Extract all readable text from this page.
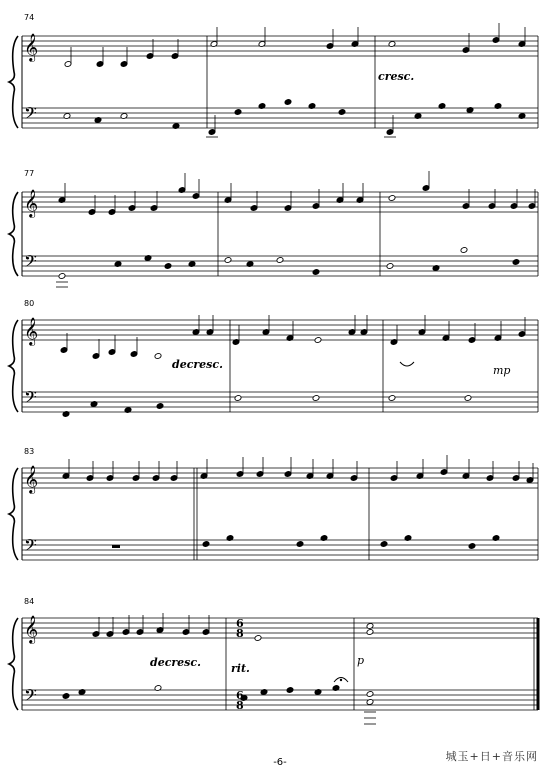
𝄞
𝄢
𝄞
𝄢
𝄞
𝄢
𝄞
𝄢
𝄞
𝄢
74
77
80
83
84
cresc.
decresc.	mp
decresc.	rit.
p
6
8
6
8
-6-	城玉+日+音乐网
